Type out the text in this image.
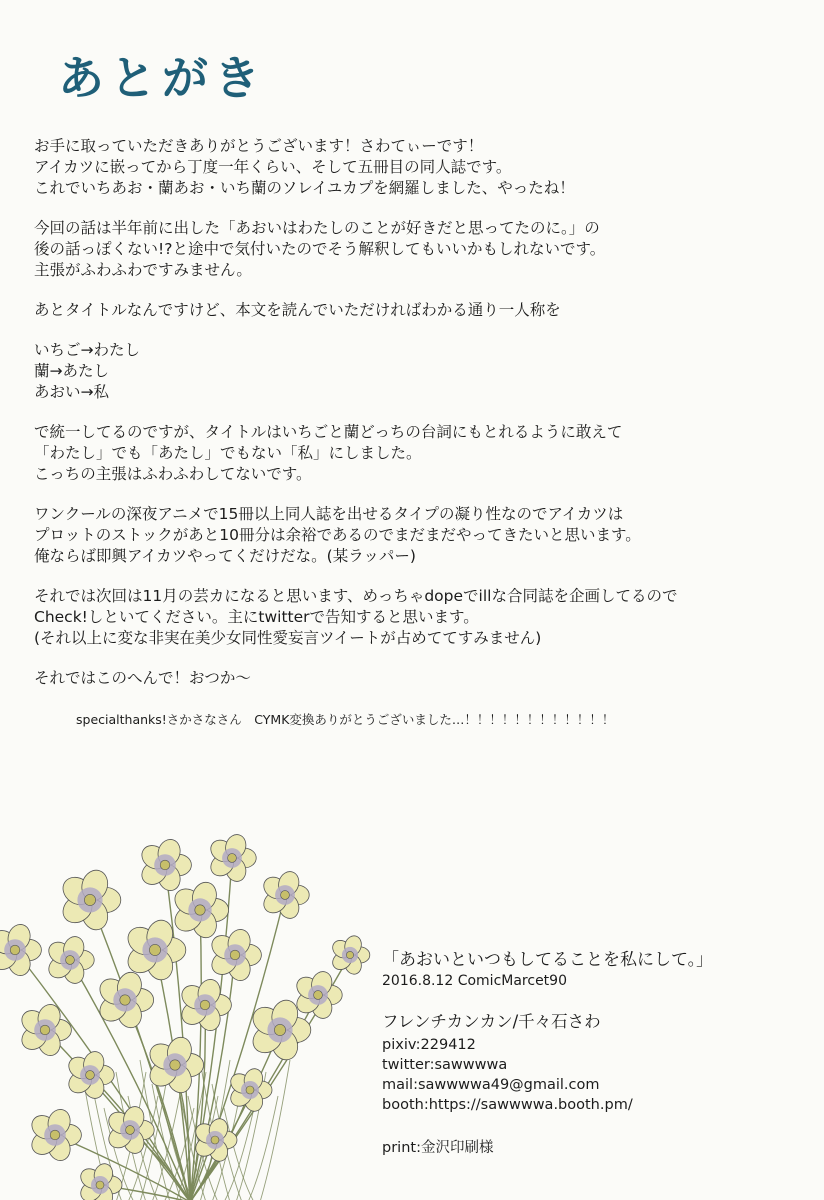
あとがき

お手に取っていただきありがとうございます！さわてぃーです！
アイカツに嵌ってから丁度一年くらい、そして五冊目の同人誌です。
これでいちあお・蘭あお・いち蘭のソレイユカプを網羅しました、やったね！

今回の話は半年前に出した「あおいはわたしのことが好きだと思ってたのに。」の
後の話っぽくない!?と途中で気付いたのでそう解釈してもいいかもしれないです。
主張がふわふわですみません。

あとタイトルなんですけど、本文を読んでいただければわかる通り一人称を

いちご→わたし
蘭→あたし
あおい→私

で統一してるのですが、タイトルはいちごと蘭どっちの台詞にもとれるように敢えて
「わたし」でも「あたし」でもない「私」にしました。
こっちの主張はふわふわしてないです。

ワンクールの深夜アニメで15冊以上同人誌を出せるタイプの凝り性なのでアイカツは
プロットのストックがあと10冊分は余裕であるのでまだまだやってきたいと思います。
俺ならば即興アイカツやってくだけだな。(某ラッパー)

それでは次回は11月の芸カになると思います、めっちゃdopeでillな合同誌を企画してるので
Check!しといてください。主にtwitterで告知すると思います。
(それ以上に変な非実在美少女同性愛妄言ツイートが占めててすみません)

それではこのへんで！おつか〜

specialthanks!さかさなさん　CYMK変換ありがとうございました…！！！！！！！！！！！！
「あおいといつもしてることを私にして。」
2016.8.12 ComicMarcet90
フレンチカンカン/千々石さわ
pixiv:229412
twitter:sawwwwa
mail:sawwwwa49@gmail.com
booth:https://sawwwwa.booth.pm/
print:金沢印刷様
